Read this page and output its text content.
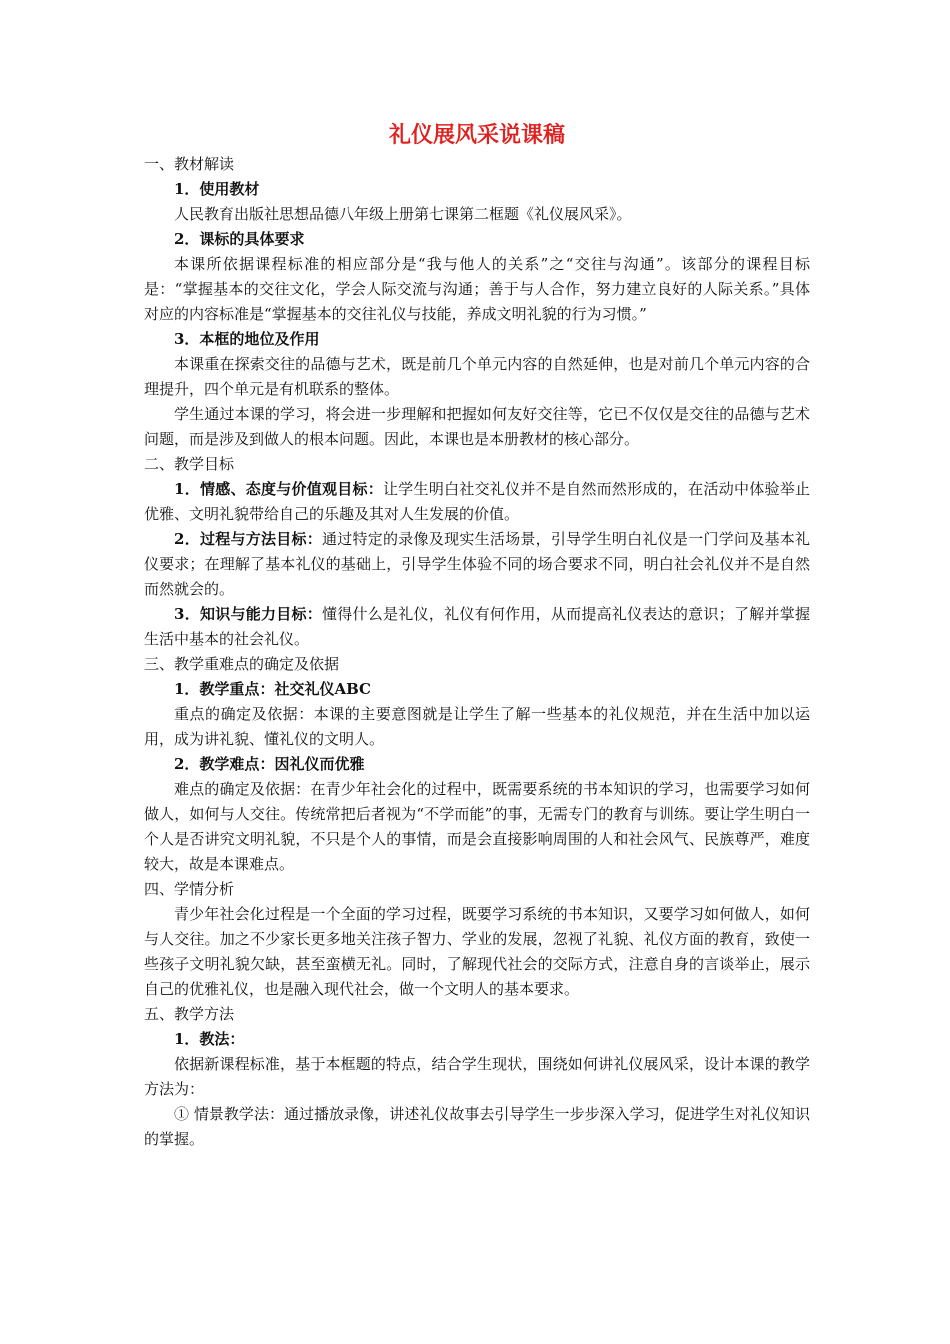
礼仪展风采说课稿

一、教材解读

1．使用教材

人民教育出版社思想品德八年级上册第七课第二框题《礼仪展风采》。

2．课标的具体要求

本课所依据课程标准的相应部分是“我与他人的关系”之“交往与沟通”。该部分的课程目标是：“掌握基本的交往文化，学会人际交流与沟通；善于与人合作，努力建立良好的人际关系。”具体对应的内容标准是“掌握基本的交往礼仪与技能，养成文明礼貌的行为习惯。”

3．本框的地位及作用

本课重在探索交往的品德与艺术，既是前几个单元内容的自然延伸，也是对前几个单元内容的合理提升，四个单元是有机联系的整体。

学生通过本课的学习，将会进一步理解和把握如何友好交往等，它已不仅仅是交往的品德与艺术问题，而是涉及到做人的根本问题。因此，本课也是本册教材的核心部分。

二、教学目标

1．情感、态度与价值观目标：让学生明白社交礼仪并不是自然而然形成的，在活动中体验举止优雅、文明礼貌带给自己的乐趣及其对人生发展的价值。

2．过程与方法目标：通过特定的录像及现实生活场景，引导学生明白礼仪是一门学问及基本礼仪要求；在理解了基本礼仪的基础上，引导学生体验不同的场合要求不同，明白社会礼仪并不是自然而然就会的。

3．知识与能力目标：懂得什么是礼仪，礼仪有何作用，从而提高礼仪表达的意识；了解并掌握生活中基本的社会礼仪。

三、教学重难点的确定及依据

1．教学重点：社交礼仪ABC

重点的确定及依据：本课的主要意图就是让学生了解一些基本的礼仪规范，并在生活中加以运用，成为讲礼貌、懂礼仪的文明人。

2．教学难点：因礼仪而优雅

难点的确定及依据：在青少年社会化的过程中，既需要系统的书本知识的学习，也需要学习如何做人，如何与人交往。传统常把后者视为“不学而能”的事，无需专门的教育与训练。要让学生明白一个人是否讲究文明礼貌，不只是个人的事情，而是会直接影响周围的人和社会风气、民族尊严，难度较大，故是本课难点。

四、学情分析

青少年社会化过程是一个全面的学习过程，既要学习系统的书本知识，又要学习如何做人，如何与人交往。加之不少家长更多地关注孩子智力、学业的发展，忽视了礼貌、礼仪方面的教育，致使一些孩子文明礼貌欠缺，甚至蛮横无礼。同时，了解现代社会的交际方式，注意自身的言谈举止，展示自己的优雅礼仪，也是融入现代社会，做一个文明人的基本要求。

五、教学方法

1．教法：

依据新课程标准，基于本框题的特点，结合学生现状，围绕如何讲礼仪展风采，设计本课的教学方法为：

① 情景教学法：通过播放录像，讲述礼仪故事去引导学生一步步深入学习，促进学生对礼仪知识的掌握。
